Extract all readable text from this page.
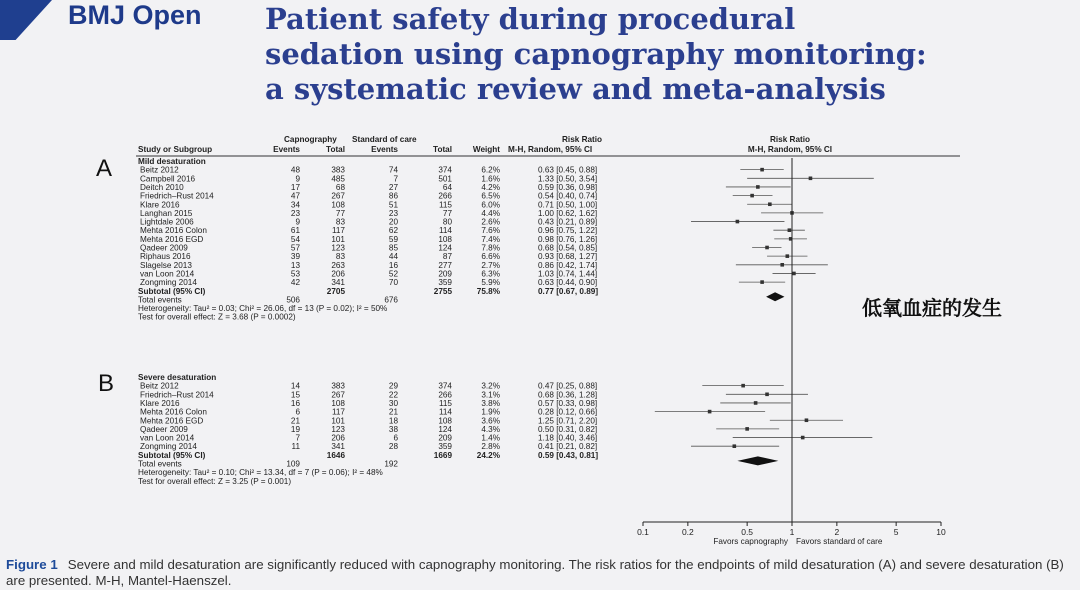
BMJ Open Patient safety during procedural
sedation using capnography monitoring:
a systematic review and meta-analysis
A
B
Capnography Standard of care	Risk Ratio	Risk Ratio
Study or Subgroup	Events	Total	Events	Total	Weight M-H, Random, 95% CI	M-H, Random, 95% CI
Mild desaturation
Beitz 2012	48	383	74	374	6.2%	0.63 [0.45, 0.88]
Campbell 2016	9	485	7	501	1.6%	1.33 [0.50, 3.54]
Deitch 2010	17	68	27	64	4.2%	0.59 [0.36, 0.98]
Friedrich–Rust 2014	47	267	86	266	6.5%	0.54 [0.40, 0.74]
Klare 2016	34	108	51	115	6.0%	0.71 [0.50, 1.00]
Langhan 2015	23	77	23	77	4.4%	1.00 [0.62, 1.62]
Lightdale 2006	9	83	20	80	2.6%	0.43 [0.21, 0.89]
Mehta 2016 Colon	61	117	62	114	7.6%	0.96 [0.75, 1.22]
Mehta 2016 EGD	54	101	59	108	7.4%	0.98 [0.76, 1.26]
Qadeer 2009	57	123	85	124	7.8%	0.68 [0.54, 0.85]
Riphaus 2016	39	83	44	87	6.6%	0.93 [0.68, 1.27]
Slagelse 2013	13	263	16	277	2.7%	0.86 [0.42, 1.74]
van Loon 2014	53	206	52	209	6.3%	1.03 [0.74, 1.44]
Zongming 2014	42	341	70	359	5.9%	0.63 [0.44, 0.90]
Subtotal (95% CI)	2705	2755	75.8%	0.77 [0.67, 0.89]
Total events	506	676
Heterogeneity: Tau² = 0.03; Chi² = 26.06, df = 13 (P = 0.02); I² = 50%
Test for overall effect: Z = 3.68 (P = 0.0002)
Severe desaturation
Beitz 2012	14	383	29	374	3.2%	0.47 [0.25, 0.88]
Friedrich–Rust 2014	15	267	22	266	3.1%	0.68 [0.36, 1.28]
Klare 2016	16	108	30	115	3.8%	0.57 [0.33, 0.98]
Mehta 2016 Colon	6	117	21	114	1.9%	0.28 [0.12, 0.66]
Mehta 2016 EGD	21	101	18	108	3.6%	1.25 [0.71, 2.20]
Qadeer 2009	19	123	38	124	4.3%	0.50 [0.31, 0.82]
van Loon 2014	7	206	6	209	1.4%	1.18 [0.40, 3.46]
Zongming 2014	11	341	28	359	2.8%	0.41 [0.21, 0.82]
Subtotal (95% CI)	1646	1669	24.2%	0.59 [0.43, 0.81]
Total events	109	192
Heterogeneity: Tau² = 0.10; Chi² = 13.34, df = 7 (P = 0.06); I² = 48%
Test for overall effect: Z = 3.25 (P = 0.001)
0.1	0.2	0.5	1	2	5	10
Favors capnography Favors standard of care
低氧血症的发生
Figure 1 Severe and mild desaturation are significantly reduced with capnography monitoring. The risk ratios for the endpoints of mild desaturation (A) and severe desaturation (B) are presented. M-H, Mantel-Haenszel.
